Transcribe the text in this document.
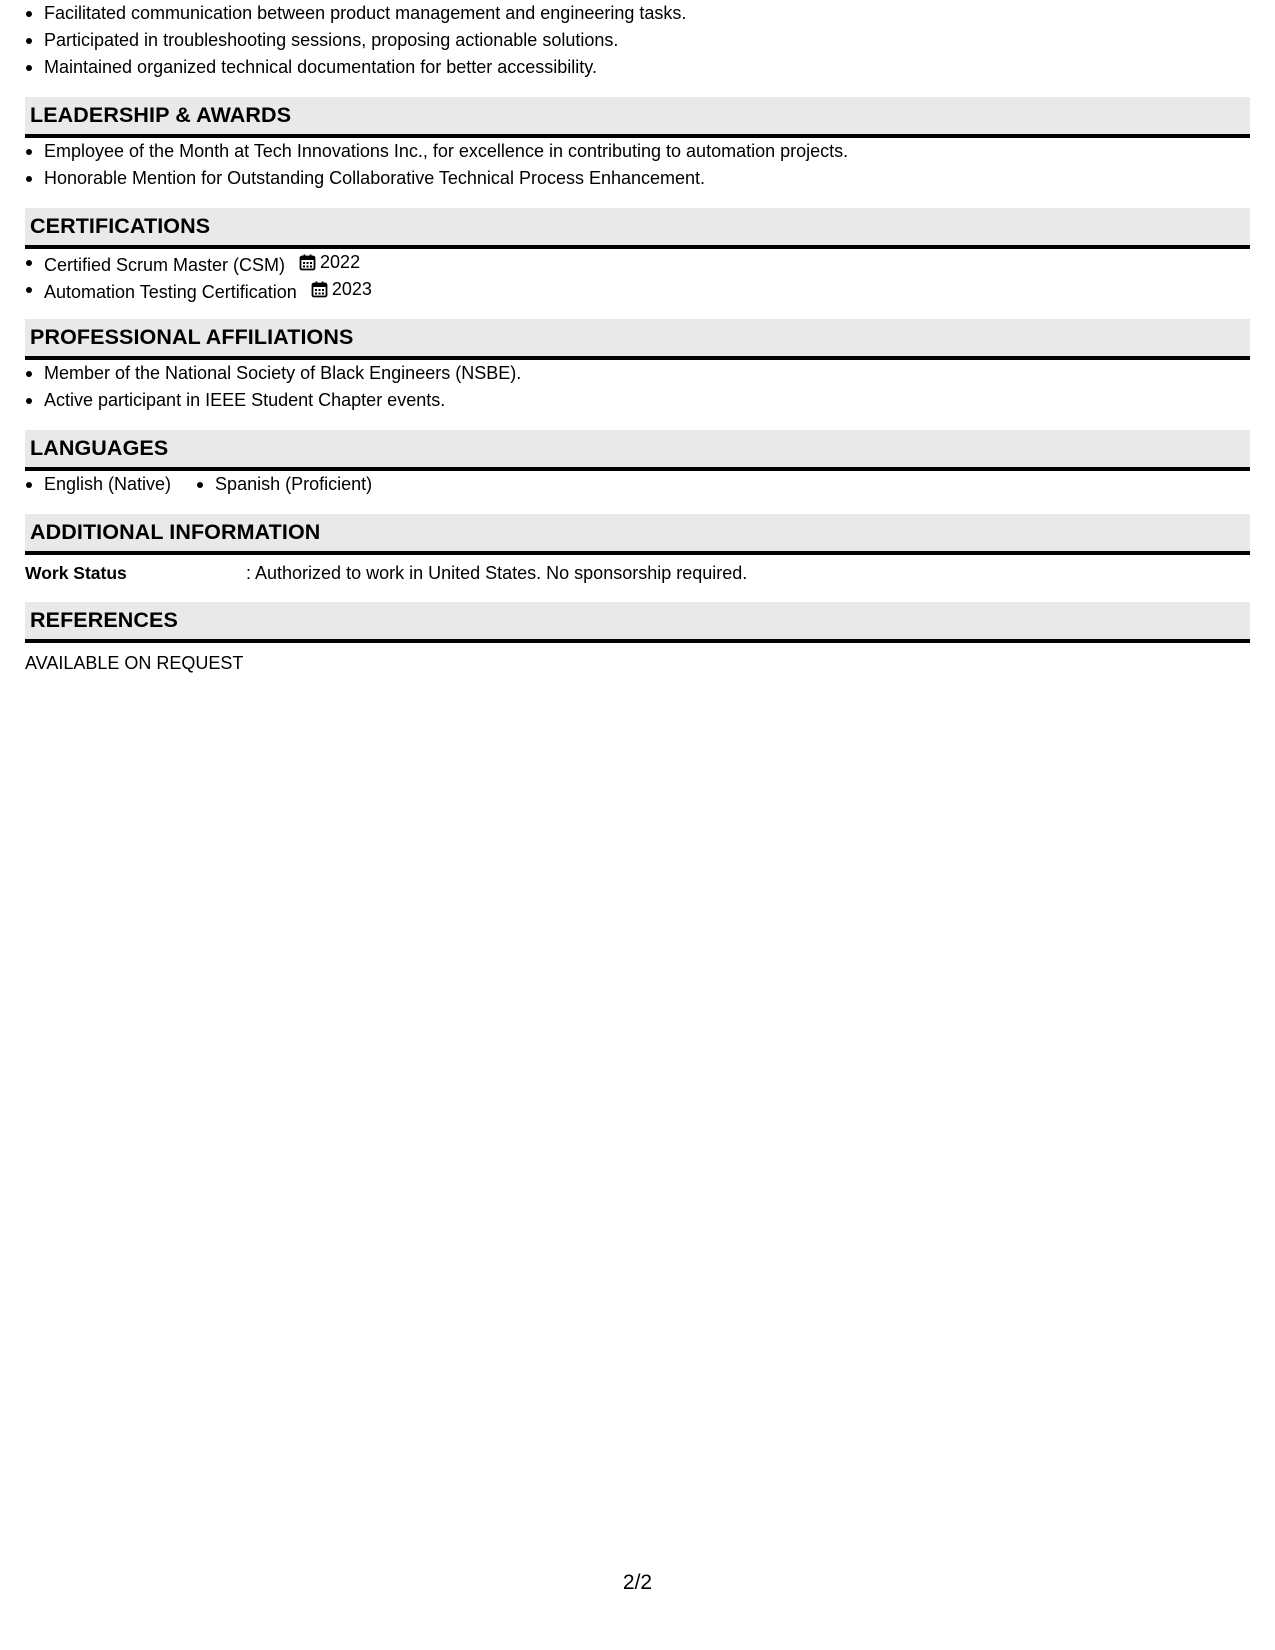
Facilitated communication between product management and engineering tasks.
Participated in troubleshooting sessions, proposing actionable solutions.
Maintained organized technical documentation for better accessibility.
LEADERSHIP & AWARDS
Employee of the Month at Tech Innovations Inc., for excellence in contributing to automation projects.
Honorable Mention for Outstanding Collaborative Technical Process Enhancement.
CERTIFICATIONS
Certified Scrum Master (CSM) 2022
Automation Testing Certification 2023
PROFESSIONAL AFFILIATIONS
Member of the National Society of Black Engineers (NSBE).
Active participant in IEEE Student Chapter events.
LANGUAGES
English (Native)	Spanish (Proficient)
ADDITIONAL INFORMATION
Work Status	: Authorized to work in United States. No sponsorship required.
REFERENCES
AVAILABLE ON REQUEST
2/2
